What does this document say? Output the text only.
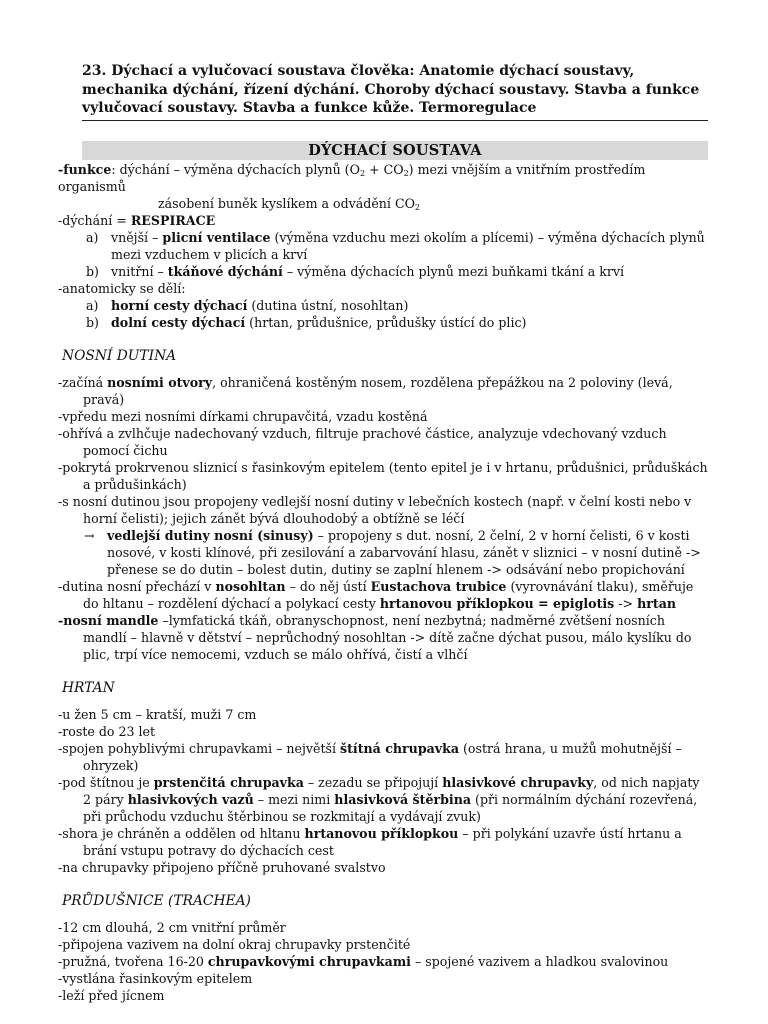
23. Dýchací a vylučovací soustava člověka: Anatomie dýchací soustavy, mechanika dýchání, řízení dýchání. Choroby dýchací soustavy. Stavba a funkce vylučovací soustavy. Stavba a funkce kůže. Termoregulace
DÝCHACÍ SOUSTAVA

-funkce: dýchání – výměna dýchacích plynů $(O_2 + CO_2)$ mezi vnějším a vnitřním prostředím organismů

zásobení buněk kyslíkem a odvádění $CO_2$

-dýchání = RESPIRACE

a) vnější – plicní ventilace (výměna vzduchu mezi okolím a plícemi) – výměna dýchacích plynů mezi vzduchem v plicích a krví

b) vnitřní – tkáňové dýchání – výměna dýchacích plynů mezi buňkami tkání a krví

-anatomicky se dělí:

a) horní cesty dýchací (dutina ústní, nosohltan)

b) dolní cesty dýchací (hrtan, průdušnice, průdušky ústící do plic)

NOSNÍ DUTINA

-začíná nosními otvory, ohraničená kostěným nosem, rozdělena přepážkou na 2 poloviny (levá, pravá)

-vpředu mezi nosními dírkami chrupavčitá, vzadu kostěná

-ohřívá a zvlhčuje nadechovaný vzduch, filtruje prachové částice, analyzuje vdechovaný vzduch pomocí čichu

-pokrytá prokrvenou sliznicí s řasinkovým epitelem (tento epitel je i v hrtanu, průdušnici, průduškách a průdušinkách)

-s nosní dutinou jsou propojeny vedlejší nosní dutiny v lebečních kostech (např. v čelní kosti nebo v horní čelisti); jejich zánět bývá dlouhodobý a obtížně se léčí

→ vedlejší dutiny nosní (sinusy) – propojeny s dut. nosní, 2 čelní, 2 v horní čelisti, 6 v kosti nosové, v kosti klínové, při zesilování a zabarvování hlasu, zánět v sliznici – v nosní dutině -> přenese se do dutin – bolest dutin, dutiny se zaplní hlenem -> odsávání nebo propichování

-dutina nosní přechází v nosohltan – do něj ústí Eustachova trubice (vyrovnávání tlaku), směřuje do hltanu – rozdělení dýchací a polykací cesty hrtanovou příklopkou = epiglotis -> hrtan

-nosní mandle –lymfatická tkáň, obranyschopnost, není nezbytná; nadměrné zvětšení nosních mandlí – hlavně v dětství – neprůchodný nosohltan -> dítě začne dýchat pusou, málo kyslíku do plic, trpí více nemocemi, vzduch se málo ohřívá, čistí a vlhčí

HRTAN

-u žen 5 cm – kratší, muži 7 cm

-roste do 23 let

-spojen pohyblivými chrupavkami – největší štítná chrupavka (ostrá hrana, u mužů mohutnější – ohryzek)

-pod štítnou je prstenčitá chrupavka – zezadu se připojují hlasivkové chrupavky, od nich napjaty 2 páry hlasivkových vazů – mezi nimi hlasivková štěrbina (při normálním dýchání rozevřená, při průchodu vzduchu štěrbinou se rozkmitají a vydávají zvuk)

-shora je chráněn a oddělen od hltanu hrtanovou příklopkou – při polykání uzavře ústí hrtanu a brání vstupu potravy do dýchacích cest

-na chrupavky připojeno příčně pruhované svalstvo

PRŮDUŠNICE (TRACHEA)

-12 cm dlouhá, 2 cm vnitřní průměr

-připojena vazivem na dolní okraj chrupavky prstenčité

-pružná, tvořena 16-20 chrupavkovými chrupavkami – spojené vazivem a hladkou svalovinou

-vystlána řasinkovým epitelem

-leží před jícnem
